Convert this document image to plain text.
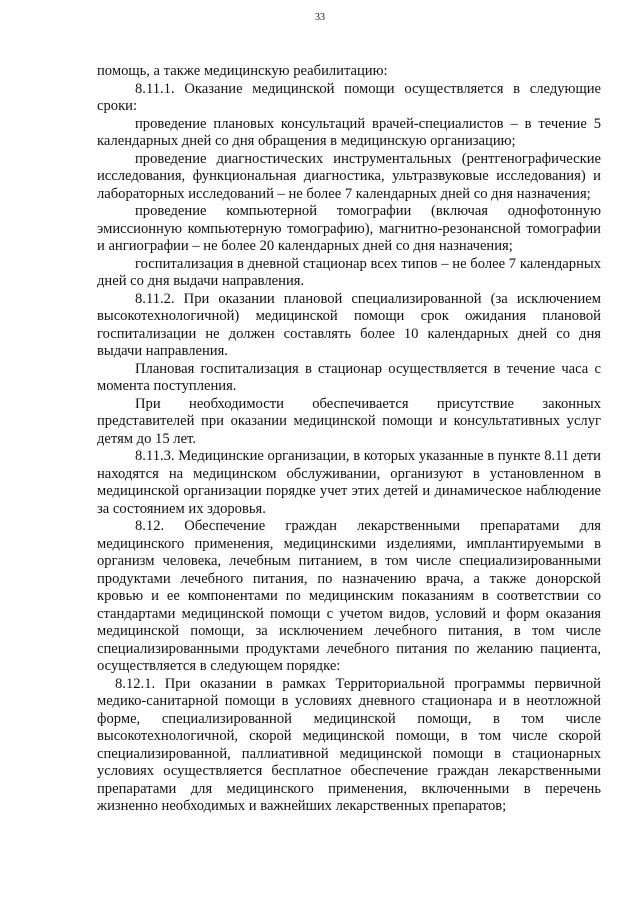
33

помощь, а также медицинскую реабилитацию:

8.11.1. Оказание медицинской помощи осуществляется в следующие сроки:

проведение плановых консультаций врачей-специалистов – в течение 5 календарных дней со дня обращения в медицинскую организацию;

проведение диагностических инструментальных (рентгенографические исследования, функциональная диагностика, ультразвуковые исследования) и лабораторных исследований – не более 7 календарных дней со дня назначения;

проведение компьютерной томографии (включая однофотонную эмиссионную компьютерную томографию), магнитно-резонансной томографии и ангиографии – не более 20 календарных дней со дня назначения;

госпитализация в дневной стационар всех типов – не более 7 календарных дней со дня выдачи направления.

8.11.2. При оказании плановой специализированной (за исключением высокотехнологичной) медицинской помощи срок ожидания плановой госпитализации не должен составлять более 10 календарных дней со дня выдачи направления.

Плановая госпитализация в стационар осуществляется в течение часа с момента поступления.

При необходимости обеспечивается присутствие законных представителей при оказании медицинской помощи и консультативных услуг детям до 15 лет.

8.11.3. Медицинские организации, в которых указанные в пункте 8.11 дети находятся на медицинском обслуживании, организуют в установленном в медицинской организации порядке учет этих детей и динамическое наблюдение за состоянием их здоровья.

8.12. Обеспечение граждан лекарственными препаратами для медицинского применения, медицинскими изделиями, имплантируемыми в организм человека, лечебным питанием, в том числе специализированными продуктами лечебного питания, по назначению врача, а также донорской кровью и ее компонентами по медицинским показаниям в соответствии со стандартами медицинской помощи с учетом видов, условий и форм оказания медицинской помощи, за исключением лечебного питания, в том числе специализированными продуктами лечебного питания по желанию пациента, осуществляется в следующем порядке:

8.12.1. При оказании в рамках Территориальной программы первичной медико-санитарной помощи в условиях дневного стационара и в неотложной форме, специализированной медицинской помощи, в том числе высокотехнологичной, скорой медицинской помощи, в том числе скорой специализированной, паллиативной медицинской помощи в стационарных условиях осуществляется бесплатное обеспечение граждан лекарственными препаратами для медицинского применения, включенными в перечень жизненно необходимых и важнейших лекарственных препаратов;
